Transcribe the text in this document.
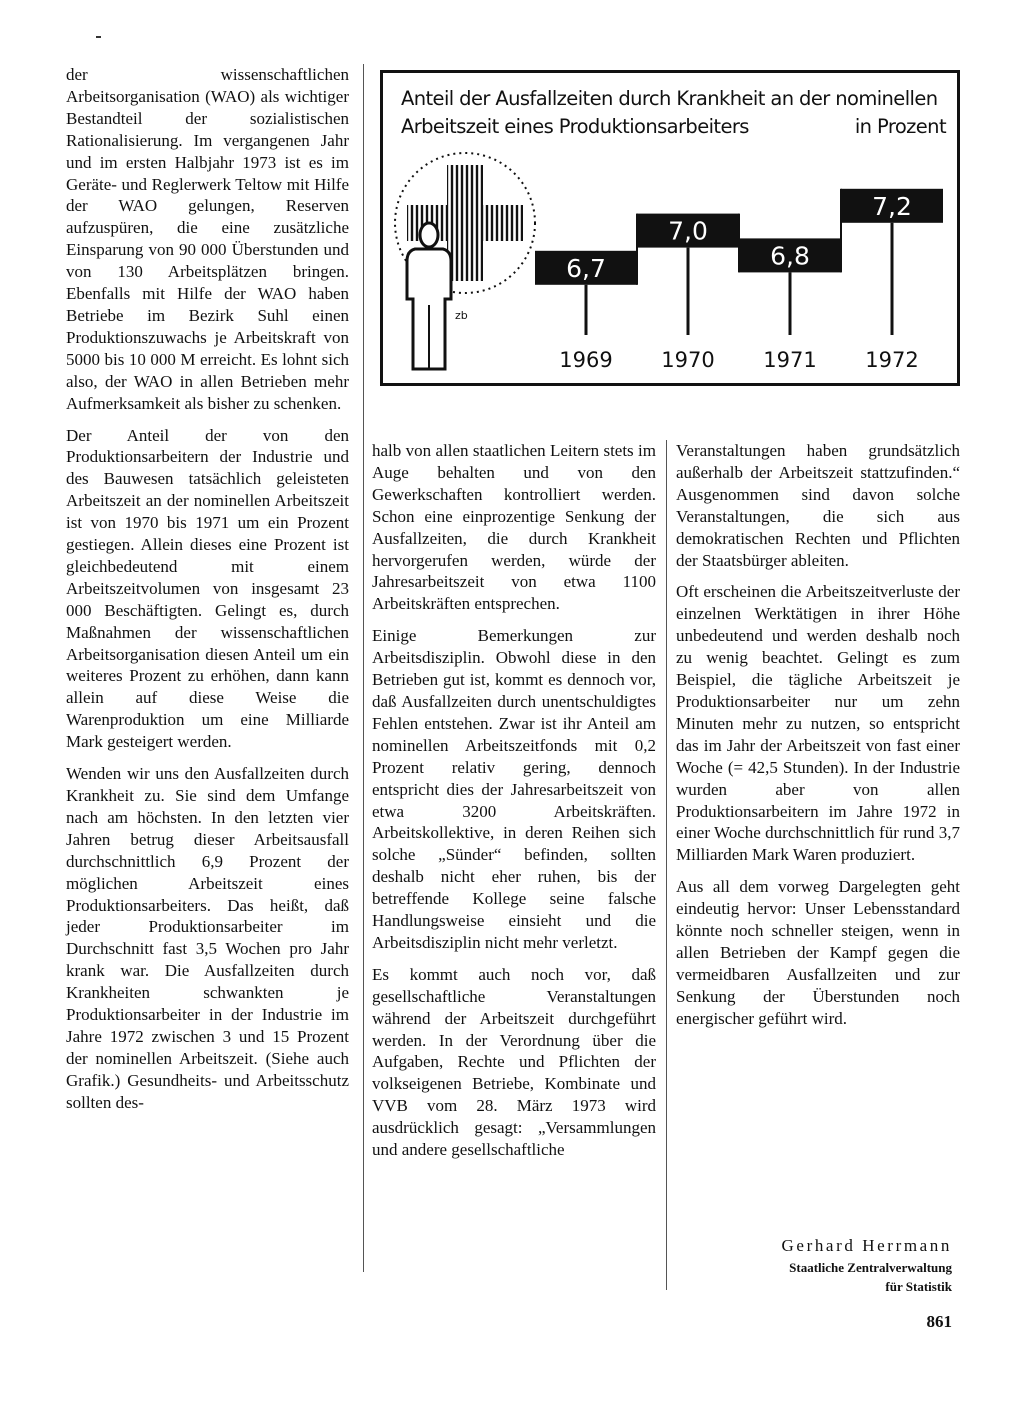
der wissenschaftlichen Arbeitsorganisation (WAO) als wichtiger Bestandteil der sozialistischen Rationalisierung. Im vergangenen Jahr und im ersten Halbjahr 1973 ist es im Geräte- und Reglerwerk Teltow mit Hilfe der WAO gelungen, Reserven aufzuspüren, die eine zusätzliche Einsparung von 90 000 Überstunden und von 130 Arbeitsplätzen bringen. Ebenfalls mit Hilfe der WAO haben Betriebe im Bezirk Suhl einen Produktionszuwachs je Arbeitskraft von 5000 bis 10 000 M erreicht. Es lohnt sich also, der WAO in allen Betrieben mehr Aufmerksamkeit als bisher zu schenken.

Der Anteil der von den Produktionsarbeitern der Industrie und des Bauwesen tatsächlich geleisteten Arbeitszeit an der nominellen Arbeitszeit ist von 1970 bis 1971 um ein Prozent gestiegen. Allein dieses eine Prozent ist gleichbedeutend mit einem Arbeitszeitvolumen von insgesamt 23 000 Beschäftigten. Gelingt es, durch Maßnahmen der wissenschaftlichen Arbeitsorganisation diesen Anteil um ein weiteres Prozent zu erhöhen, dann kann allein auf diese Weise die Warenproduktion um eine Milliarde Mark gesteigert werden.

Wenden wir uns den Ausfallzeiten durch Krankheit zu. Sie sind dem Umfange nach am höchsten. In den letzten vier Jahren betrug dieser Arbeitsausfall durchschnittlich 6,9 Prozent der möglichen Arbeitszeit eines Produktionsarbeiters. Das heißt, daß jeder Produktionsarbeiter im Durchschnitt fast 3,5 Wochen pro Jahr krank war. Die Ausfallzeiten durch Krankheiten schwankten je Produktionsarbeiter in der Industrie im Jahre 1972 zwischen 3 und 15 Prozent der nominellen Arbeitszeit. (Siehe auch Grafik.) Gesundheits- und Arbeitsschutz sollten des-

Anteil der Ausfallzeiten durch Krankheit an der nominellen
Arbeitszeit eines Produktionsarbeiters	in Prozent
zb
6,7
1969
7,0
1970
6,8
1971
7,2
1972

halb von allen staatlichen Leitern stets im Auge behalten und von den Gewerkschaften kontrolliert werden. Schon eine einprozentige Senkung der Ausfallzeiten, die durch Krankheit hervorgerufen werden, würde der Jahresarbeitszeit von etwa 1100 Arbeitskräften entsprechen.

Einige Bemerkungen zur Arbeitsdisziplin. Obwohl diese in den Betrieben gut ist, kommt es dennoch vor, daß Ausfallzeiten durch unentschuldigtes Fehlen entstehen. Zwar ist ihr Anteil am nominellen Arbeitszeitfonds mit 0,2 Prozent relativ gering, dennoch entspricht dies der Jahresarbeitszeit von etwa 3200 Arbeitskräften. Arbeitskollektive, in deren Reihen sich solche „Sünder“ befinden, sollten deshalb nicht eher ruhen, bis der betreffende Kollege seine falsche Handlungsweise einsieht und die Arbeitsdisziplin nicht mehr verletzt.

Es kommt auch noch vor, daß gesellschaftliche Veranstaltungen während der Arbeitszeit durchgeführt werden. In der Verordnung über die Aufgaben, Rechte und Pflichten der volkseigenen Betriebe, Kombinate und VVB vom 28. März 1973 wird ausdrücklich gesagt: „Versammlungen und andere gesellschaftliche

Veranstaltungen haben grundsätzlich außerhalb der Arbeitszeit stattzufinden.“ Ausgenommen sind davon solche Veranstaltungen, die sich aus demokratischen Rechten und Pflichten der Staatsbürger ableiten.

Oft erscheinen die Arbeitszeitverluste der einzelnen Werktätigen in ihrer Höhe unbedeutend und werden deshalb noch zu wenig beachtet. Gelingt es zum Beispiel, die tägliche Arbeitszeit je Produktionsarbeiter nur um zehn Minuten mehr zu nutzen, so entspricht das im Jahr der Arbeitszeit von fast einer Woche (= 42,5 Stunden). In der Industrie wurden aber von allen Produktionsarbeitern im Jahre 1972 in einer Woche durchschnittlich für rund 3,7 Milliarden Mark Waren produziert.

Aus all dem vorweg Dargelegten geht eindeutig hervor: Unser Lebensstandard könnte noch schneller steigen, wenn in allen Betrieben der Kampf gegen die vermeidbaren Ausfallzeiten und zur Senkung der Überstunden noch energischer geführt wird.

Gerhard Herrmann
Staatliche Zentralverwaltung
für Statistik
861
